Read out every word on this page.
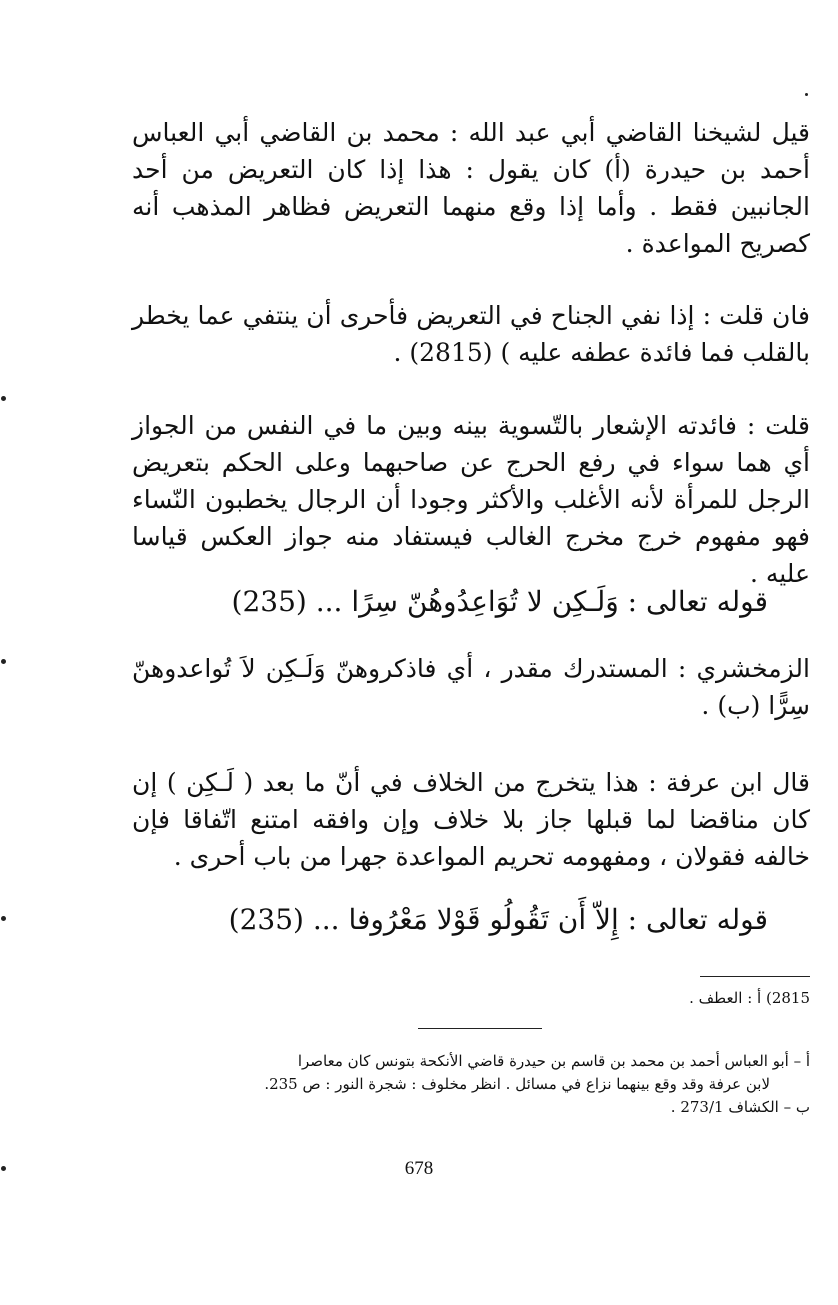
قيل لشيخنا القاضي أبي عبد الله : محمد بن القاضي أبي العباس أحمد بن حيدرة (أ) كان يقول : هذا إذا كان التعريض من أحد الجانبين فقط . وأما إذا وقع منهما التعريض فظاهر المذهب أنه كصريح المواعدة .

فان قلت : إذا نفي الجناح في التعريض فأحرى أن ينتفي عما يخطر بالقلب فما فائدة عطفه عليه ) (2815) .

قلت : فائدته الإشعار بالتّسوية بينه وبين ما في النفس من الجواز أي هما سواء في رفع الحرج عن صاحبهما وعلى الحكم بتعريض الرجل للمرأة لأنه الأغلب والأكثر وجودا أن الرجال يخطبون النّساء فهو مفهوم خرج مخرج الغالب فيستفاد منه جواز العكس قياسا عليه .

قوله تعالى : وَلَـكِن لا تُوَاعِدُوهُنّ سِرًا ... (235)

الزمخشري : المستدرك مقدر ، أي فاذكروهنّ وَلَـكِن لاَ تُواعدوهنّ سِرًّا (ب) .

قال ابن عرفة : هذا يتخرج من الخلاف في أنّ ما بعد ( لَـكِن ) إن كان مناقضا لما قبلها جاز بلا خلاف وإن وافقه امتنع اتّفاقا فإن خالفه فقولان ، ومفهومه تحريم المواعدة جهرا من باب أحرى .

قوله تعالى : إِلاّ أَن تَقُولُو قَوْلا مَعْرُوفا ... (235)

2815) أ : العطف .

أ – أبو العباس أحمد بن محمد بن قاسم بن حيدرة قاضي الأنكحة بتونس كان معاصرا
لابن عرفة وقد وقع بينهما نزاع في مسائل . انظر مخلوف : شجرة النور : ص 235.
ب – الكشاف 273/1 .
678
